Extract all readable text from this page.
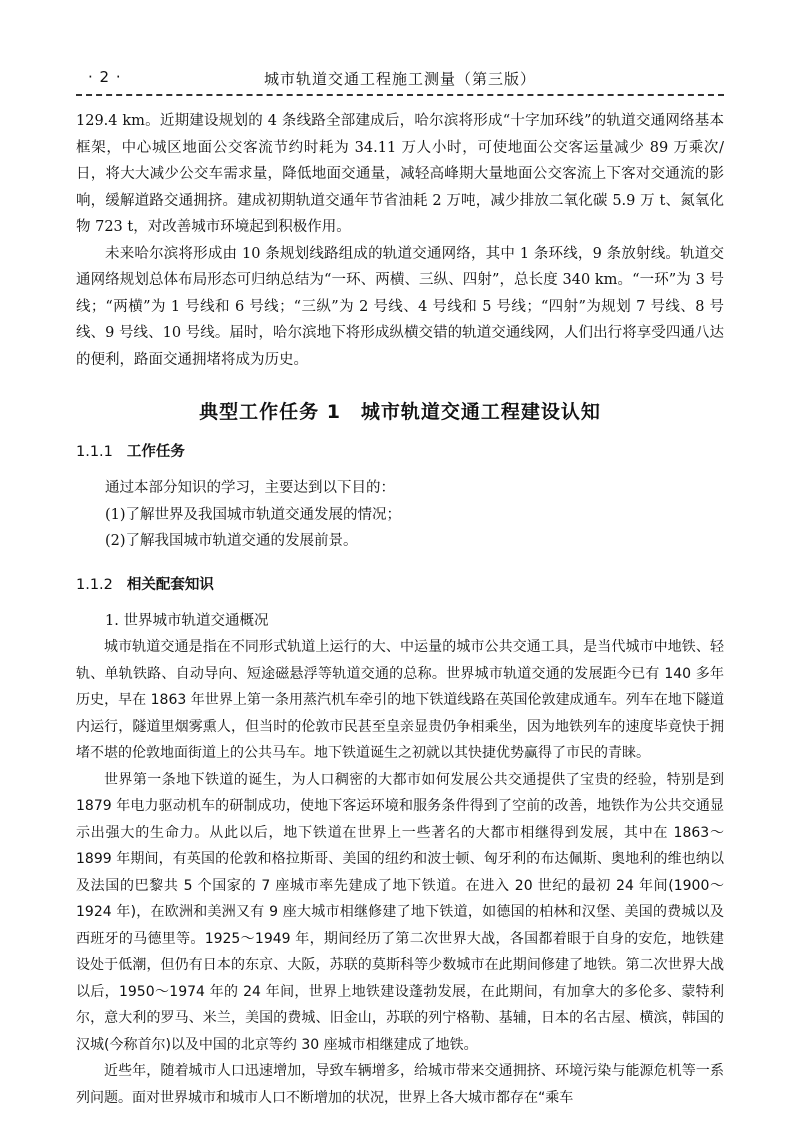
· 2 ·	城市轨道交通工程施工测量（第三版）

129.4 km。近期建设规划的 4 条线路全部建成后，哈尔滨将形成“十字加环线”的轨道交通网络基本框架，中心城区地面公交客流节约时耗为 34.11 万人小时，可使地面公交客运量减少 89 万乘次/日，将大大减少公交车需求量，降低地面交通量，减轻高峰期大量地面公交客流上下客对交通流的影响，缓解道路交通拥挤。建成初期轨道交通年节省油耗 2 万吨，减少排放二氧化碳 5.9 万 t、氮氧化物 723 t，对改善城市环境起到积极作用。

未来哈尔滨将形成由 10 条规划线路组成的轨道交通网络，其中 1 条环线，9 条放射线。轨道交通网络规划总体布局形态可归纳总结为“一环、两横、三纵、四射”，总长度 340 km。“一环”为 3 号线；“两横”为 1 号线和 6 号线；“三纵”为 2 号线、4 号线和 5 号线；“四射”为规划 7 号线、8 号线、9 号线、10 号线。届时，哈尔滨地下将形成纵横交错的轨道交通线网，人们出行将享受四通八达的便利，路面交通拥堵将成为历史。

典型工作任务 1　城市轨道交通工程建设认知
1.1.1 工作任务

通过本部分知识的学习，主要达到以下目的：

(1)了解世界及我国城市轨道交通发展的情况；

(2)了解我国城市轨道交通的发展前景。

1.1.2 相关配套知识

1. 世界城市轨道交通概况

城市轨道交通是指在不同形式轨道上运行的大、中运量的城市公共交通工具，是当代城市中地铁、轻轨、单轨铁路、自动导向、短途磁悬浮等轨道交通的总称。世界城市轨道交通的发展距今已有 140 多年历史，早在 1863 年世界上第一条用蒸汽机车牵引的地下铁道线路在英国伦敦建成通车。列车在地下隧道内运行，隧道里烟雾熏人，但当时的伦敦市民甚至皇亲显贵仍争相乘坐，因为地铁列车的速度毕竟快于拥堵不堪的伦敦地面街道上的公共马车。地下铁道诞生之初就以其快捷优势赢得了市民的青睐。

世界第一条地下铁道的诞生，为人口稠密的大都市如何发展公共交通提供了宝贵的经验，特别是到 1879 年电力驱动机车的研制成功，使地下客运环境和服务条件得到了空前的改善，地铁作为公共交通显示出强大的生命力。从此以后，地下铁道在世界上一些著名的大都市相继得到发展，其中在 1863～1899 年期间，有英国的伦敦和格拉斯哥、美国的纽约和波士顿、匈牙利的布达佩斯、奥地利的维也纳以及法国的巴黎共 5 个国家的 7 座城市率先建成了地下铁道。在进入 20 世纪的最初 24 年间(1900～1924 年)，在欧洲和美洲又有 9 座大城市相继修建了地下铁道，如德国的柏林和汉堡、美国的费城以及西班牙的马德里等。1925～1949 年，期间经历了第二次世界大战，各国都着眼于自身的安危，地铁建设处于低潮，但仍有日本的东京、大阪，苏联的莫斯科等少数城市在此期间修建了地铁。第二次世界大战以后，1950～1974 年的 24 年间，世界上地铁建设蓬勃发展，在此期间，有加拿大的多伦多、蒙特利尔，意大利的罗马、米兰，美国的费城、旧金山，苏联的列宁格勒、基辅，日本的名古屋、横滨，韩国的汉城(今称首尔)以及中国的北京等约 30 座城市相继建成了地铁。

近些年，随着城市人口迅速增加，导致车辆增多，给城市带来交通拥挤、环境污染与能源危机等一系列问题。面对世界城市和城市人口不断增加的状况，世界上各大城市都存在“乘车
